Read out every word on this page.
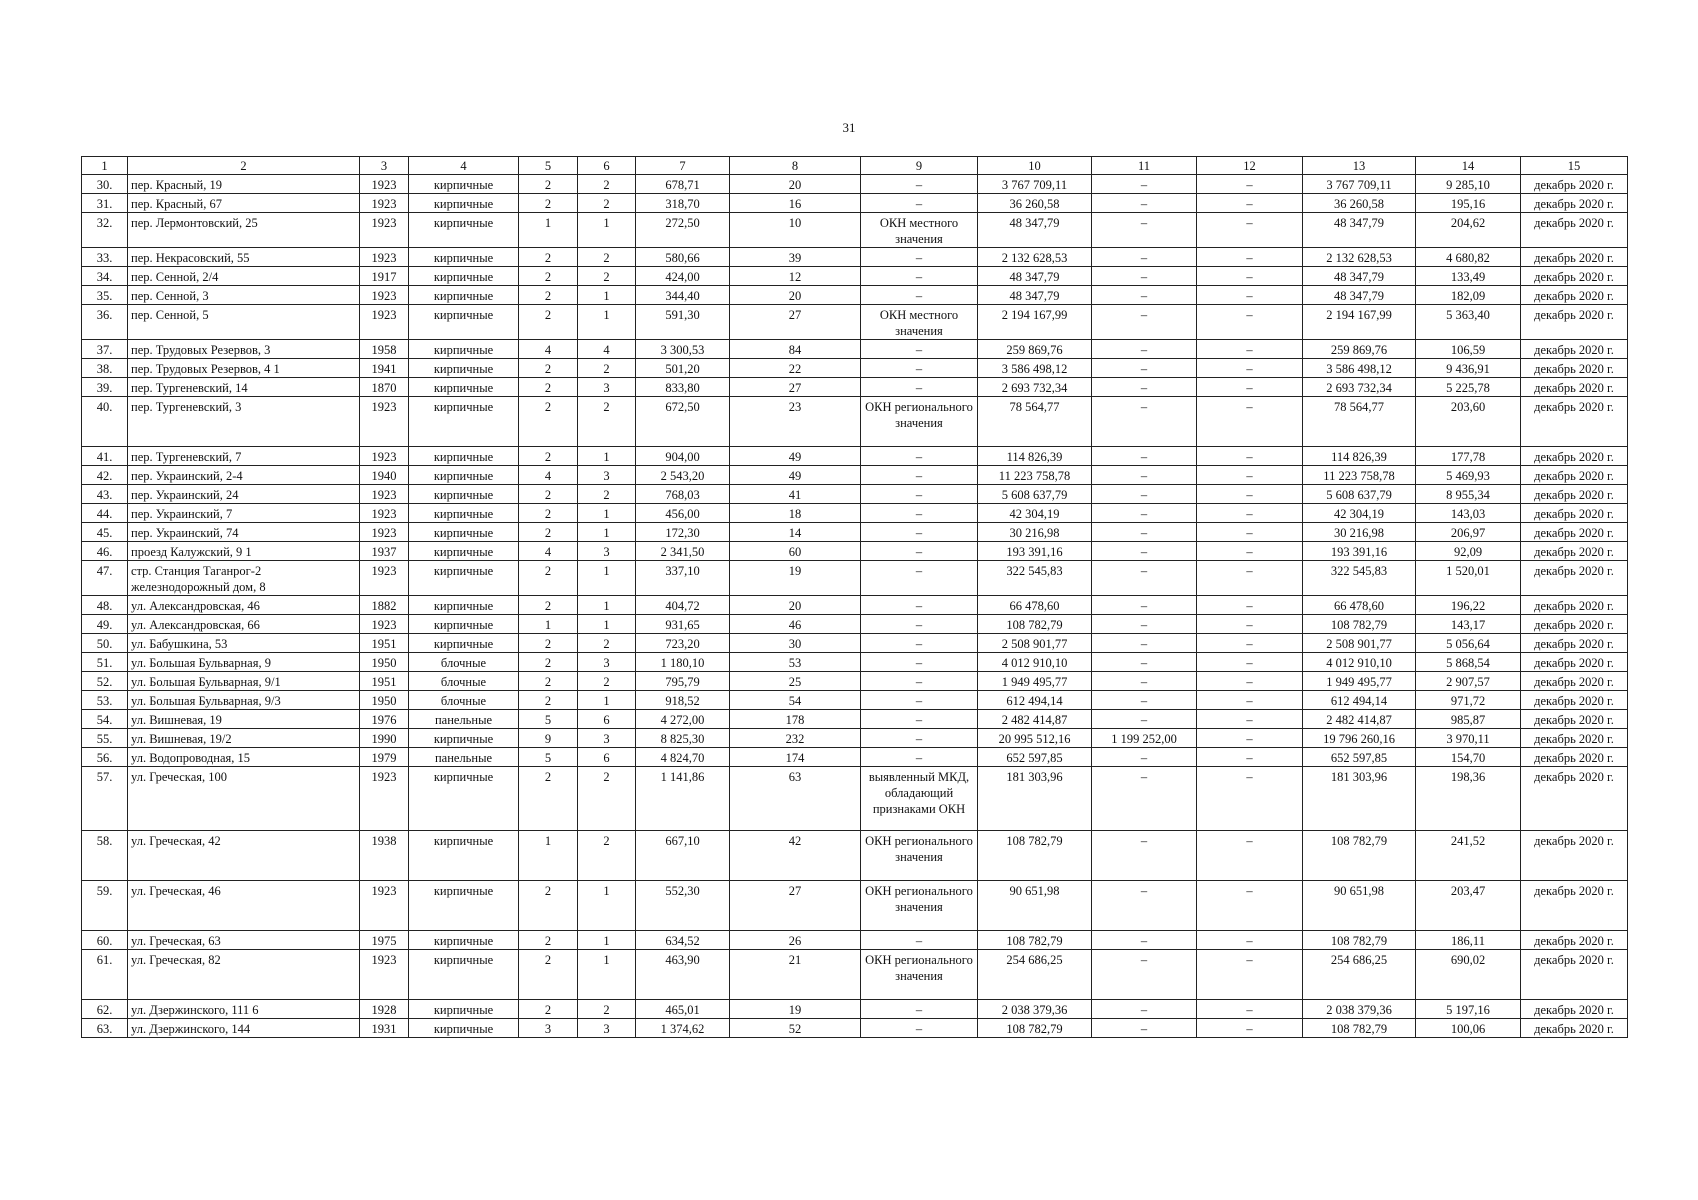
31
1	2	3	4	5	6	7	8	9	10	11	12	13	14	15
30.	пер. Красный, 19	1923	кирпичные	2	2	678,71	20	–	3 767 709,11	–	–	3 767 709,11	9 285,10	декабрь 2020 г.
31.	пер. Красный, 67	1923	кирпичные	2	2	318,70	16	–	36 260,58	–	–	36 260,58	195,16	декабрь 2020 г.
32.	пер. Лермонтовский, 25	1923	кирпичные	1	1	272,50	10	ОКН местного значения	48 347,79	–	–	48 347,79	204,62	декабрь 2020 г.
33.	пер. Некрасовский, 55	1923	кирпичные	2	2	580,66	39	–	2 132 628,53	–	–	2 132 628,53	4 680,82	декабрь 2020 г.
34.	пер. Сенной, 2/4	1917	кирпичные	2	2	424,00	12	–	48 347,79	–	–	48 347,79	133,49	декабрь 2020 г.
35.	пер. Сенной, 3	1923	кирпичные	2	1	344,40	20	–	48 347,79	–	–	48 347,79	182,09	декабрь 2020 г.
36.	пер. Сенной, 5	1923	кирпичные	2	1	591,30	27	ОКН местного значения	2 194 167,99	–	–	2 194 167,99	5 363,40	декабрь 2020 г.
37.	пер. Трудовых Резервов, 3	1958	кирпичные	4	4	3 300,53	84	–	259 869,76	–	–	259 869,76	106,59	декабрь 2020 г.
38.	пер. Трудовых Резервов, 4 1	1941	кирпичные	2	2	501,20	22	–	3 586 498,12	–	–	3 586 498,12	9 436,91	декабрь 2020 г.
39.	пер. Тургеневский, 14	1870	кирпичные	2	3	833,80	27	–	2 693 732,34	–	–	2 693 732,34	5 225,78	декабрь 2020 г.
40.	пер. Тургеневский, 3	1923	кирпичные	2	2	672,50	23	ОКН регионального значения	78 564,77	–	–	78 564,77	203,60	декабрь 2020 г.
41.	пер. Тургеневский, 7	1923	кирпичные	2	1	904,00	49	–	114 826,39	–	–	114 826,39	177,78	декабрь 2020 г.
42.	пер. Украинский, 2-4	1940	кирпичные	4	3	2 543,20	49	–	11 223 758,78	–	–	11 223 758,78	5 469,93	декабрь 2020 г.
43.	пер. Украинский, 24	1923	кирпичные	2	2	768,03	41	–	5 608 637,79	–	–	5 608 637,79	8 955,34	декабрь 2020 г.
44.	пер. Украинский, 7	1923	кирпичные	2	1	456,00	18	–	42 304,19	–	–	42 304,19	143,03	декабрь 2020 г.
45.	пер. Украинский, 74	1923	кирпичные	2	1	172,30	14	–	30 216,98	–	–	30 216,98	206,97	декабрь 2020 г.
46.	проезд Калужский, 9 1	1937	кирпичные	4	3	2 341,50	60	–	193 391,16	–	–	193 391,16	92,09	декабрь 2020 г.
47.	стр. Станция Таганрог-2 железнодорожный дом, 8	1923	кирпичные	2	1	337,10	19	–	322 545,83	–	–	322 545,83	1 520,01	декабрь 2020 г.
48.	ул. Александровская, 46	1882	кирпичные	2	1	404,72	20	–	66 478,60	–	–	66 478,60	196,22	декабрь 2020 г.
49.	ул. Александровская, 66	1923	кирпичные	1	1	931,65	46	–	108 782,79	–	–	108 782,79	143,17	декабрь 2020 г.
50.	ул. Бабушкина, 53	1951	кирпичные	2	2	723,20	30	–	2 508 901,77	–	–	2 508 901,77	5 056,64	декабрь 2020 г.
51.	ул. Большая Бульварная, 9	1950	блочные	2	3	1 180,10	53	–	4 012 910,10	–	–	4 012 910,10	5 868,54	декабрь 2020 г.
52.	ул. Большая Бульварная, 9/1	1951	блочные	2	2	795,79	25	–	1 949 495,77	–	–	1 949 495,77	2 907,57	декабрь 2020 г.
53.	ул. Большая Бульварная, 9/3	1950	блочные	2	1	918,52	54	–	612 494,14	–	–	612 494,14	971,72	декабрь 2020 г.
54.	ул. Вишневая, 19	1976	панельные	5	6	4 272,00	178	–	2 482 414,87	–	–	2 482 414,87	985,87	декабрь 2020 г.
55.	ул. Вишневая, 19/2	1990	кирпичные	9	3	8 825,30	232	–	20 995 512,16	1 199 252,00	–	19 796 260,16	3 970,11	декабрь 2020 г.
56.	ул. Водопроводная, 15	1979	панельные	5	6	4 824,70	174	–	652 597,85	–	–	652 597,85	154,70	декабрь 2020 г.
57.	ул. Греческая, 100	1923	кирпичные	2	2	1 141,86	63	выявленный МКД, обладающий признаками ОКН	181 303,96	–	–	181 303,96	198,36	декабрь 2020 г.
58.	ул. Греческая, 42	1938	кирпичные	1	2	667,10	42	ОКН регионального значения	108 782,79	–	–	108 782,79	241,52	декабрь 2020 г.
59.	ул. Греческая, 46	1923	кирпичные	2	1	552,30	27	ОКН регионального значения	90 651,98	–	–	90 651,98	203,47	декабрь 2020 г.
60.	ул. Греческая, 63	1975	кирпичные	2	1	634,52	26	–	108 782,79	–	–	108 782,79	186,11	декабрь 2020 г.
61.	ул. Греческая, 82	1923	кирпичные	2	1	463,90	21	ОКН регионального значения	254 686,25	–	–	254 686,25	690,02	декабрь 2020 г.
62.	ул. Дзержинского, 111 6	1928	кирпичные	2	2	465,01	19	–	2 038 379,36	–	–	2 038 379,36	5 197,16	декабрь 2020 г.
63.	ул. Дзержинского, 144	1931	кирпичные	3	3	1 374,62	52	–	108 782,79	–	–	108 782,79	100,06	декабрь 2020 г.
